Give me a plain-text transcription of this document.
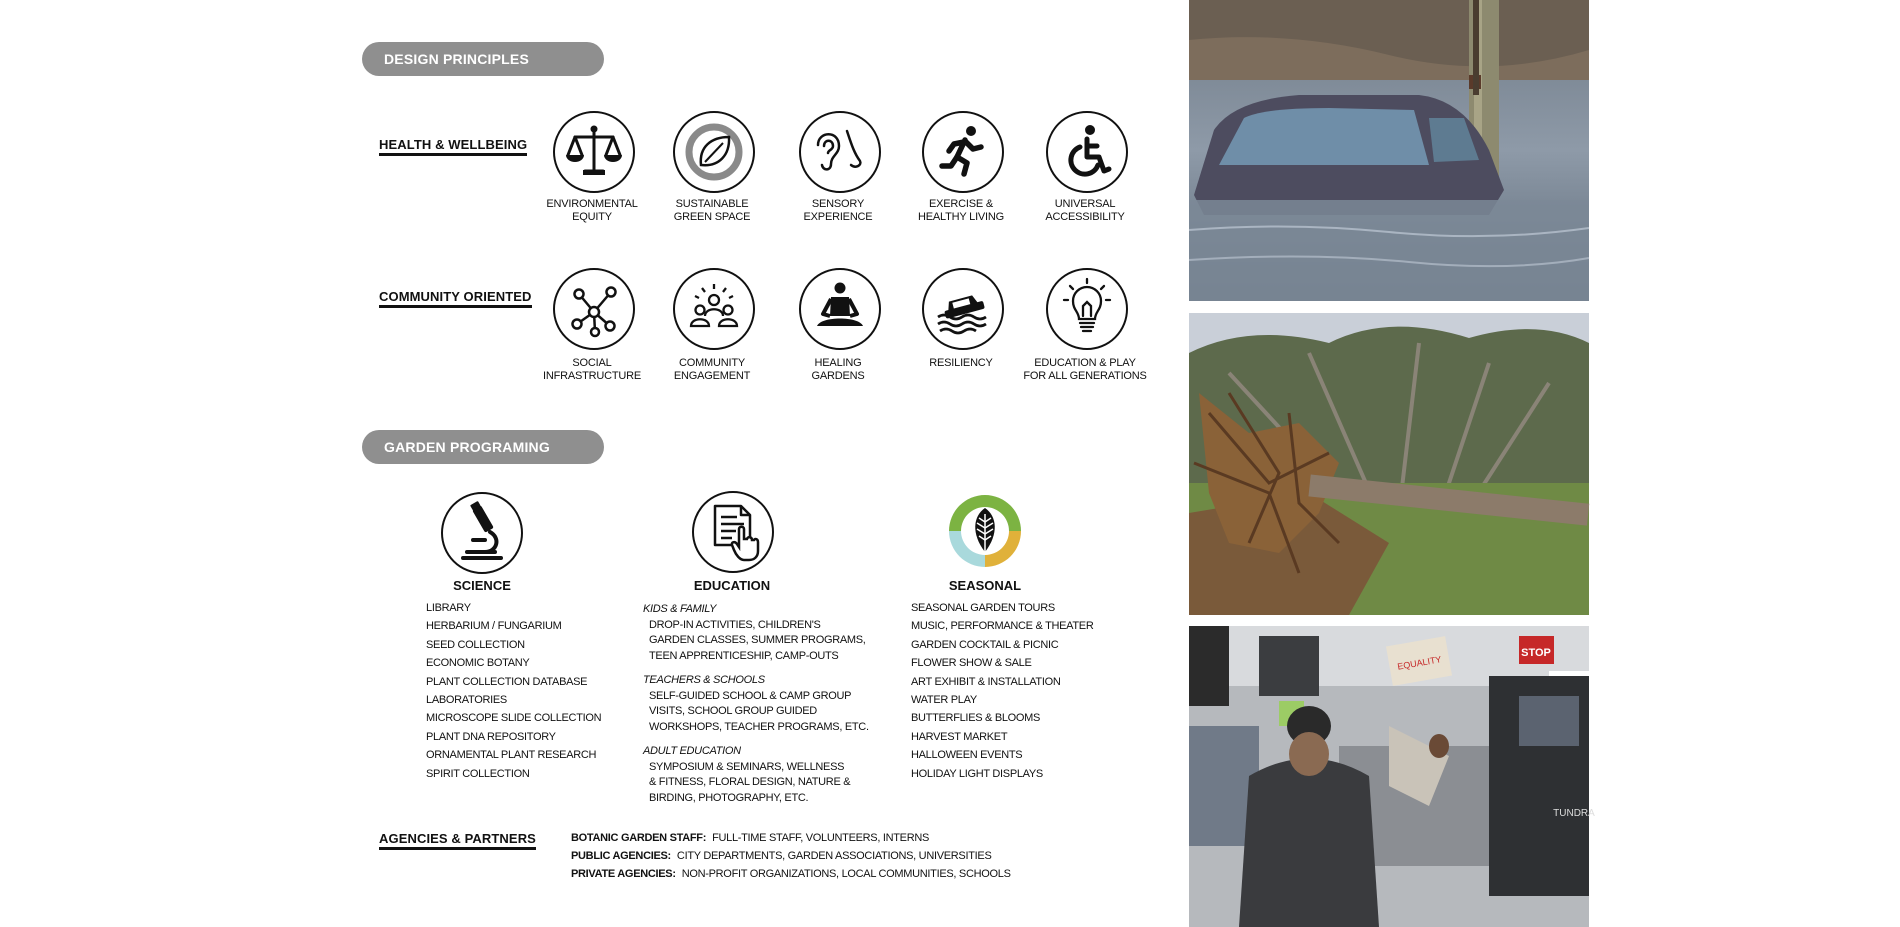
DESIGN PRINCIPLES
HEALTH & WELLBEING
COMMUNITY ORIENTED
ENVIRONMENTAL
EQUITY
SUSTAINABLE
GREEN SPACE
SENSORY
EXPERIENCE
EXERCISE &
HEALTHY LIVING
UNIVERSAL
ACCESSIBILITY
SOCIAL
INFRASTRUCTURE
COMMUNITY
ENGAGEMENT
HEALING
GARDENS
RESILIENCY	EDUCATION & PLAY
FOR ALL GENERATIONS
GARDEN PROGRAMING
SCIENCE	EDUCATION	SEASONAL
LIBRARY
HERBARIUM / FUNGARIUM
SEED COLLECTION
ECONOMIC BOTANY
PLANT COLLECTION DATABASE
LABORATORIES
MICROSCOPE SLIDE COLLECTION
PLANT DNA REPOSITORY
ORNAMENTAL PLANT RESEARCH
SPIRIT COLLECTION
KIDS & FAMILY
DROP-IN ACTIVITIES, CHILDREN'S
GARDEN CLASSES, SUMMER PROGRAMS,
TEEN APPRENTICESHIP, CAMP-OUTS
TEACHERS & SCHOOLS
SELF-GUIDED SCHOOL & CAMP GROUP
VISITS, SCHOOL GROUP GUIDED
WORKSHOPS, TEACHER PROGRAMS, ETC.
ADULT EDUCATION
SYMPOSIUM & SEMINARS, WELLNESS
& FITNESS, FLORAL DESIGN, NATURE &
BIRDING, PHOTOGRAPHY, ETC.
SEASONAL GARDEN TOURS
MUSIC, PERFORMANCE & THEATER
GARDEN COCKTAIL & PICNIC
FLOWER SHOW & SALE
ART EXHIBIT & INSTALLATION
WATER PLAY
BUTTERFLIES & BLOOMS
HARVEST MARKET
HALLOWEEN EVENTS
HOLIDAY LIGHT DISPLAYS
AGENCIES & PARTNERS	BOTANIC GARDEN STAFF: FULL-TIME STAFF, VOLUNTEERS, INTERNS
PUBLIC AGENCIES: CITY DEPARTMENTS, GARDEN ASSOCIATIONS, UNIVERSITIES
PRIVATE AGENCIES: NON-PROFIT ORGANIZATIONS, LOCAL COMMUNITIES, SCHOOLS
STOP
EQUALITY
TUNDRA
